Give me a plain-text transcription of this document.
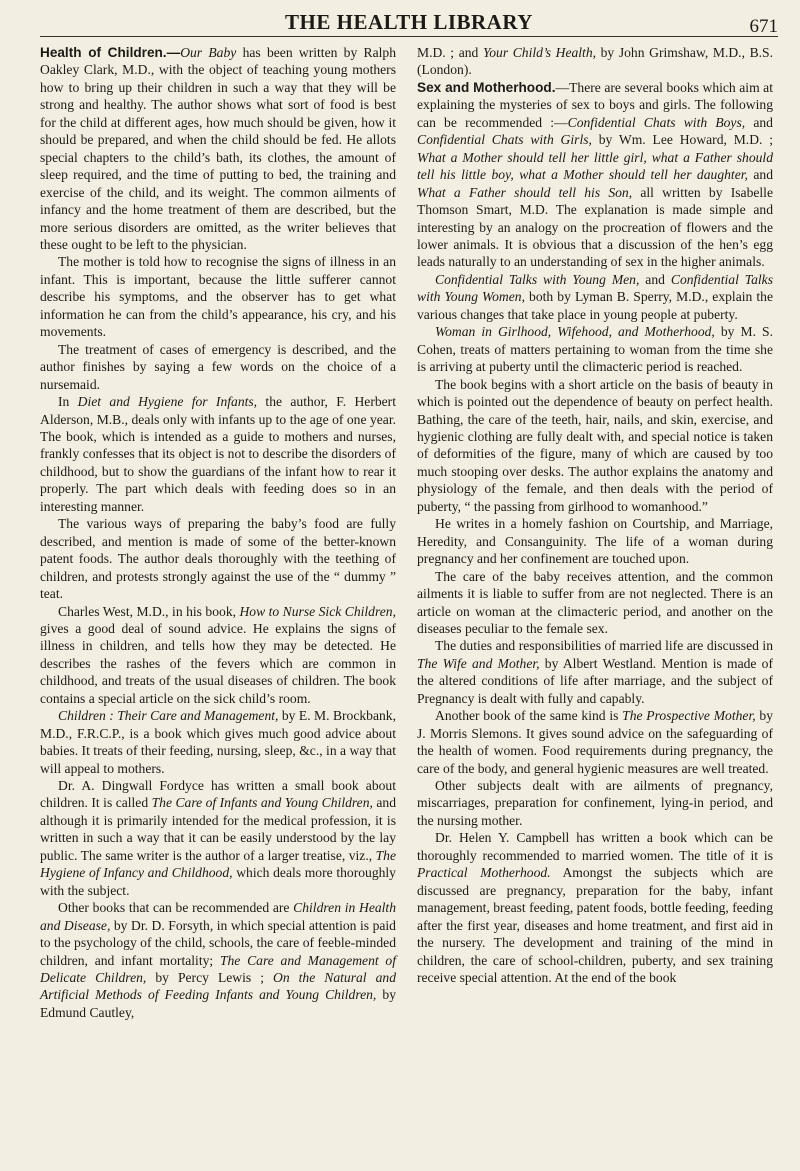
THE HEALTH LIBRARY	671

Health of Children.—Our Baby has been written by Ralph Oakley Clark, M.D., with the object of teaching young mothers how to bring up their children in such a way that they will be strong and healthy. The author shows what sort of food is best for the child at different ages, how much should be given, how it should be prepared, and when the child should be fed. He allots special chapters to the child’s bath, its clothes, the amount of sleep required, and the time of putting to bed, the training and exercise of the child, and its weight. The common ailments of infancy and the home treatment of them are described, but the more serious disorders are omitted, as the writer believes that these ought to be left to the physician.

The mother is told how to recognise the signs of illness in an infant. This is important, because the little sufferer cannot describe his symptoms, and the observer has to get what information he can from the child’s appearance, his cry, and his movements.

The treatment of cases of emergency is described, and the author finishes by saying a few words on the choice of a nursemaid.

In Diet and Hygiene for Infants, the author, F. Herbert Alderson, M.B., deals only with infants up to the age of one year. The book, which is intended as a guide to mothers and nurses, frankly confesses that its object is not to describe the disorders of childhood, but to show the guardians of the infant how to rear it properly. The part which deals with feeding does so in an interesting manner.

The various ways of preparing the baby’s food are fully described, and mention is made of some of the better-known patent foods. The author deals thoroughly with the teething of children, and protests strongly against the use of the “ dummy ” teat.

Charles West, M.D., in his book, How to Nurse Sick Children, gives a good deal of sound advice. He explains the signs of illness in children, and tells how they may be detected. He describes the rashes of the fevers which are common in childhood, and treats of the usual diseases of children. The book contains a special article on the sick child’s room.

Children : Their Care and Management, by E. M. Brockbank, M.D., F.R.C.P., is a book which gives much good advice about babies. It treats of their feeding, nursing, sleep, &c., in a way that will appeal to mothers.

Dr. A. Dingwall Fordyce has written a small book about children. It is called The Care of Infants and Young Children, and although it is primarily intended for the medical profession, it is written in such a way that it can be easily understood by the lay public. The same writer is the author of a larger treatise, viz., The Hygiene of Infancy and Childhood, which deals more thoroughly with the subject.

Other books that can be recommended are Children in Health and Disease, by Dr. D. Forsyth, in which special attention is paid to the psychology of the child, schools, the care of feeble-minded children, and infant mortality; The Care and Management of Delicate Children, by Percy Lewis ; On the Natural and Artificial Methods of Feeding Infants and Young Children, by Edmund Cautley,

M.D. ; and Your Child’s Health, by John Grimshaw, M.D., B.S. (London).

Sex and Motherhood.—There are several books which aim at explaining the mysteries of sex to boys and girls. The following can be recommended :—Confidential Chats with Boys, and Confidential Chats with Girls, by Wm. Lee Howard, M.D. ; What a Mother should tell her little girl, what a Father should tell his little boy, what a Mother should tell her daughter, and What a Father should tell his Son, all written by Isabelle Thomson Smart, M.D. The explanation is made simple and interesting by an analogy on the procreation of flowers and the lower animals. It is obvious that a discussion of the hen’s egg leads naturally to an understanding of sex in the higher animals.

Confidential Talks with Young Men, and Confidential Talks with Young Women, both by Lyman B. Sperry, M.D., explain the various changes that take place in young people at puberty.

Woman in Girlhood, Wifehood, and Motherhood, by M. S. Cohen, treats of matters pertaining to woman from the time she is arriving at puberty until the climacteric period is reached.

The book begins with a short article on the basis of beauty in which is pointed out the dependence of beauty on perfect health. Bathing, the care of the teeth, hair, nails, and skin, exercise, and hygienic clothing are fully dealt with, and special notice is taken of deformities of the figure, many of which are caused by too much stooping over desks. The author explains the anatomy and physiology of the female, and then deals with the period of puberty, “ the passing from girlhood to womanhood.”

He writes in a homely fashion on Courtship, and Marriage, Heredity, and Consanguinity. The life of a woman during pregnancy and her confinement are touched upon.

The care of the baby receives attention, and the common ailments it is liable to suffer from are not neglected. There is an article on woman at the climacteric period, and another on the diseases peculiar to the female sex.

The duties and responsibilities of married life are discussed in The Wife and Mother, by Albert Westland. Mention is made of the altered conditions of life after marriage, and the subject of Pregnancy is dealt with fully and capably.

Another book of the same kind is The Prospective Mother, by J. Morris Slemons. It gives sound advice on the safeguarding of the health of women. Food requirements during pregnancy, the care of the body, and general hygienic measures are well treated.

Other subjects dealt with are ailments of pregnancy, miscarriages, preparation for confinement, lying-in period, and the nursing mother.

Dr. Helen Y. Campbell has written a book which can be thoroughly recommended to married women. The title of it is Practical Motherhood. Amongst the subjects which are discussed are pregnancy, preparation for the baby, infant management, breast feeding, patent foods, bottle feeding, feeding after the first year, diseases and home treatment, and first aid in the nursery. The development and training of the mind in children, the care of school-children, puberty, and sex training receive special attention. At the end of the book
